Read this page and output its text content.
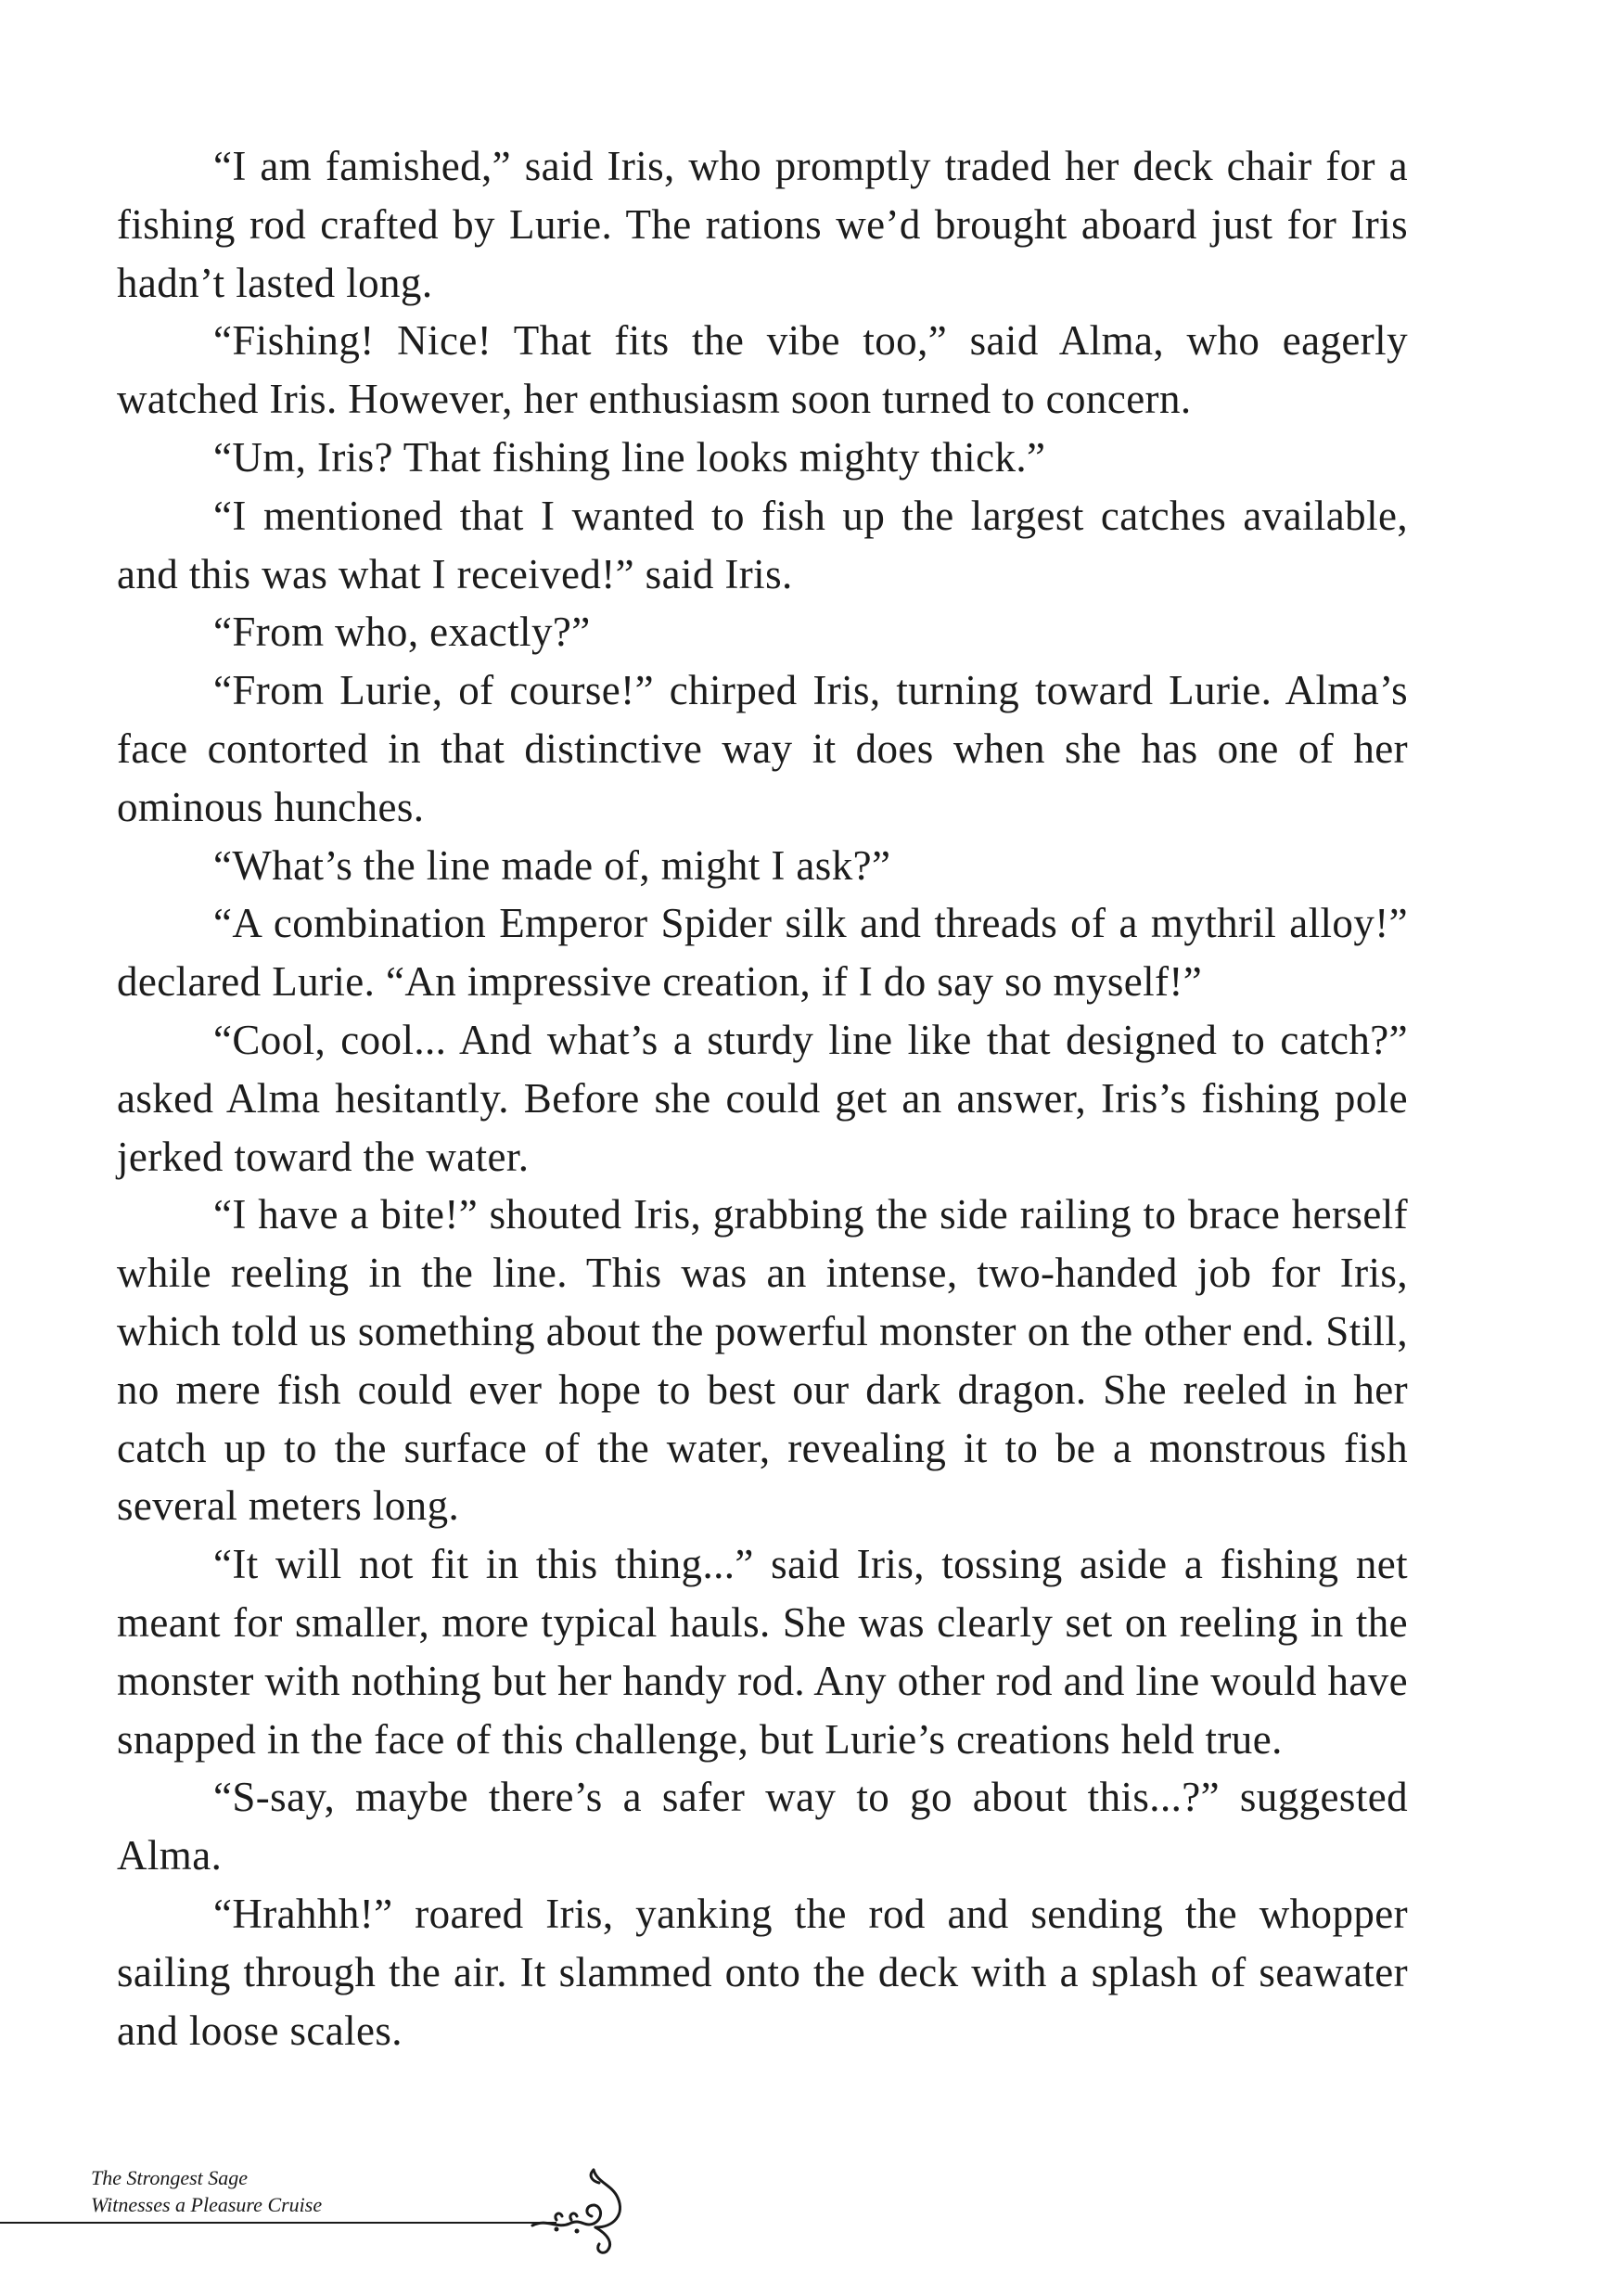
“I am famished,” said Iris, who promptly traded her deck chair for a fishing rod crafted by Lurie. The rations we’d brought aboard just for Iris hadn’t lasted long.

“Fishing! Nice! That fits the vibe too,” said Alma, who eagerly watched Iris. However, her enthusiasm soon turned to concern.

“Um, Iris? That fishing line looks mighty thick.”

“I mentioned that I wanted to fish up the largest catches available, and this was what I received!” said Iris.

“From who, exactly?”

“From Lurie, of course!” chirped Iris, turning toward Lurie. Alma’s face contorted in that distinctive way it does when she has one of her ominous hunches.

“What’s the line made of, might I ask?”

“A combination Emperor Spider silk and threads of a mythril alloy!” declared Lurie. “An impressive creation, if I do say so myself!”

“Cool, cool... And what’s a sturdy line like that designed to catch?” asked Alma hesitantly. Before she could get an answer, Iris’s fishing pole jerked toward the water.

“I have a bite!” shouted Iris, grabbing the side railing to brace herself while reeling in the line. This was an intense, two-handed job for Iris, which told us something about the powerful monster on the other end. Still, no mere fish could ever hope to best our dark dragon. She reeled in her catch up to the surface of the water, revealing it to be a monstrous fish several meters long.

“It will not fit in this thing...” said Iris, tossing aside a fishing net meant for smaller, more typical hauls. She was clearly set on reeling in the monster with nothing but her handy rod. Any other rod and line would have snapped in the face of this challenge, but Lurie’s creations held true.

“S-say, maybe there’s a safer way to go about this...?” suggested Alma.

“Hrahhh!” roared Iris, yanking the rod and sending the whopper sailing through the air. It slammed onto the deck with a splash of seawater and loose scales.

The Strongest Sage
Witnesses a Pleasure Cruise
